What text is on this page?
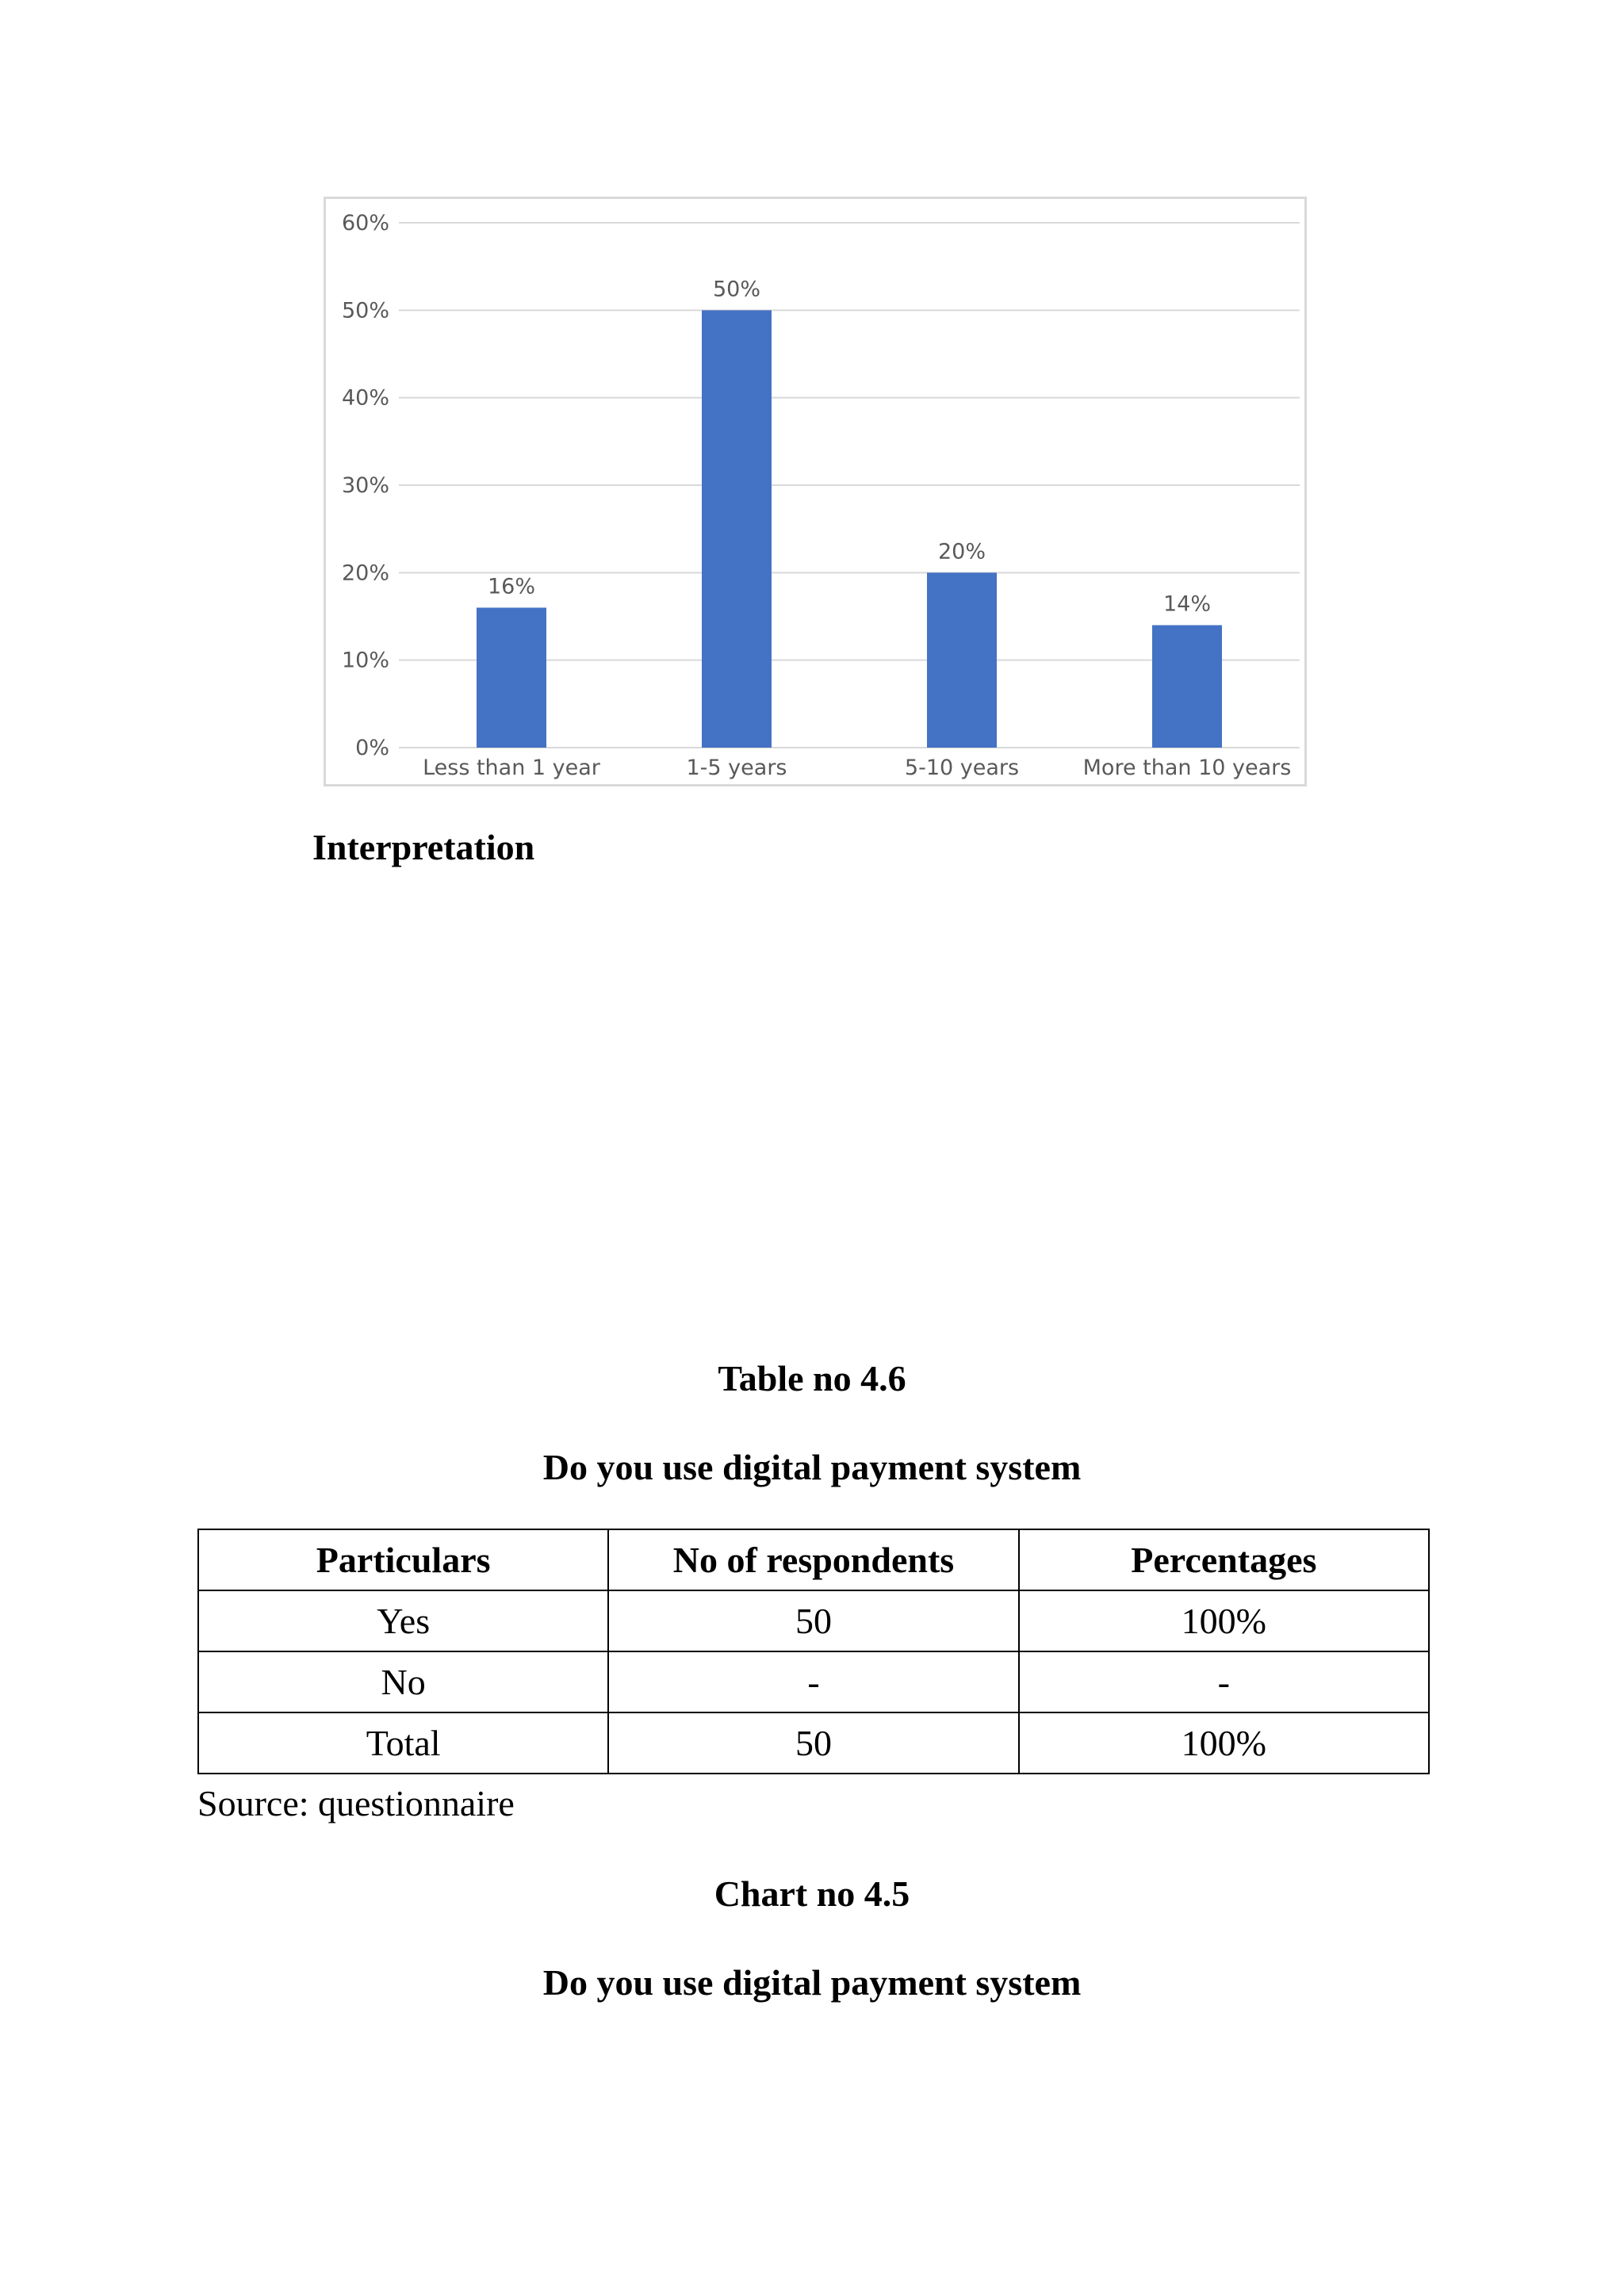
0%
10%
20%
30%
40%
50%
60%
16%
Less than 1 year
50%
1-5 years
20%
5-10 years
14%
More than 10 years
Interpretation
Table no 4.6
Do you use digital payment system
Particulars	No of respondents	Percentages
Yes	50	100%
No	-	-
Total	50	100%

Source: questionnaire

Chart no 4.5
Do you use digital payment system
